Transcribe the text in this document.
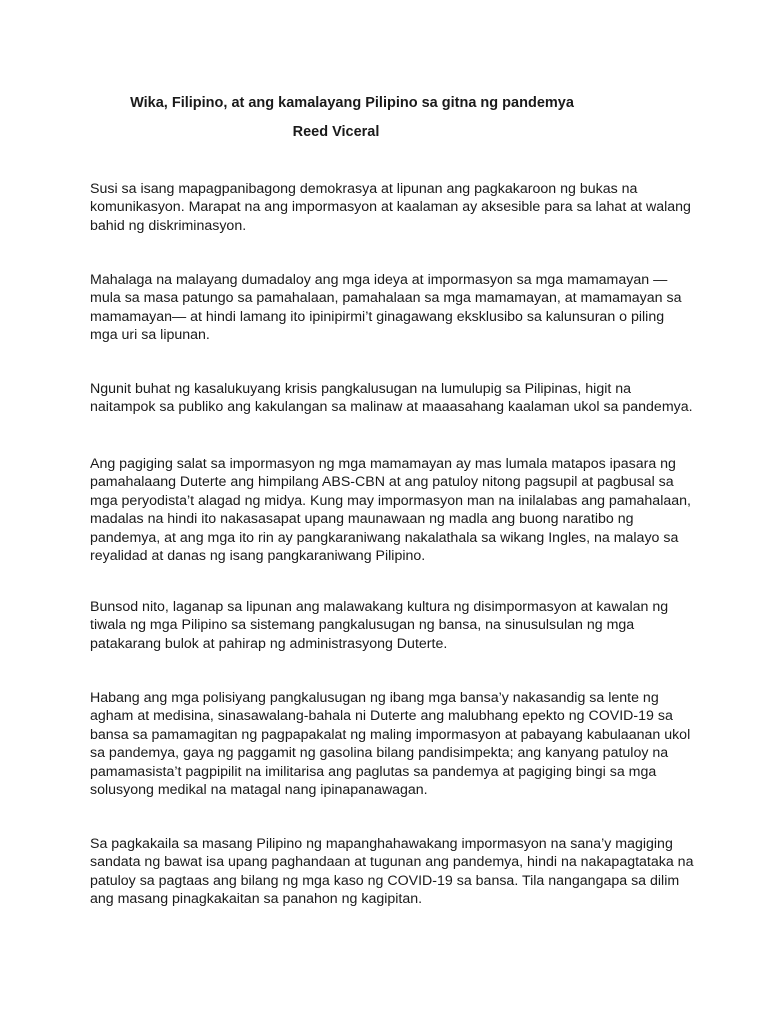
Wika, Filipino, at ang kamalayang Pilipino sa gitna ng pandemya
Reed Viceral

Susi sa isang mapagpanibagong demokrasya at lipunan ang pagkakaroon ng bukas na
komunikasyon. Marapat na ang impormasyon at kaalaman ay aksesible para sa lahat at walang
bahid ng diskriminasyon.

Mahalaga na malayang dumadaloy ang mga ideya at impormasyon sa mga mamamayan —
mula sa masa patungo sa pamahalaan, pamahalaan sa mga mamamayan, at mamamayan sa
mamamayan— at hindi lamang ito ipinipirmi’t ginagawang eksklusibo sa kalunsuran o piling
mga uri sa lipunan.

Ngunit buhat ng kasalukuyang krisis pangkalusugan na lumulupig sa Pilipinas, higit na
naitampok sa publiko ang kakulangan sa malinaw at maaasahang kaalaman ukol sa pandemya.

Ang pagiging salat sa impormasyon ng mga mamamayan ay mas lumala matapos ipasara ng
pamahalaang Duterte ang himpilang ABS-CBN at ang patuloy nitong pagsupil at pagbusal sa
mga peryodista’t alagad ng midya. Kung may impormasyon man na inilalabas ang pamahalaan,
madalas na hindi ito nakasasapat upang maunawaan ng madla ang buong naratibo ng
pandemya, at ang mga ito rin ay pangkaraniwang nakalathala sa wikang Ingles, na malayo sa
reyalidad at danas ng isang pangkaraniwang Pilipino.

Bunsod nito, laganap sa lipunan ang malawakang kultura ng disimpormasyon at kawalan ng
tiwala ng mga Pilipino sa sistemang pangkalusugan ng bansa, na sinusulsulan ng mga
patakarang bulok at pahirap ng administrasyong Duterte.

Habang ang mga polisiyang pangkalusugan ng ibang mga bansa’y nakasandig sa lente ng
agham at medisina, sinasawalang-bahala ni Duterte ang malubhang epekto ng COVID-19 sa
bansa sa pamamagitan ng pagpapakalat ng maling impormasyon at pabayang kabulaanan ukol
sa pandemya, gaya ng paggamit ng gasolina bilang pandisimpekta; ang kanyang patuloy na
pamamasista’t pagpipilit na imilitarisa ang paglutas sa pandemya at pagiging bingi sa mga
solusyong medikal na matagal nang ipinapanawagan.

Sa pagkakaila sa masang Pilipino ng mapanghahawakang impormasyon na sana’y magiging
sandata ng bawat isa upang paghandaan at tugunan ang pandemya, hindi na nakapagtataka na
patuloy sa pagtaas ang bilang ng mga kaso ng COVID-19 sa bansa. Tila nangangapa sa dilim
ang masang pinagkakaitan sa panahon ng kagipitan.
